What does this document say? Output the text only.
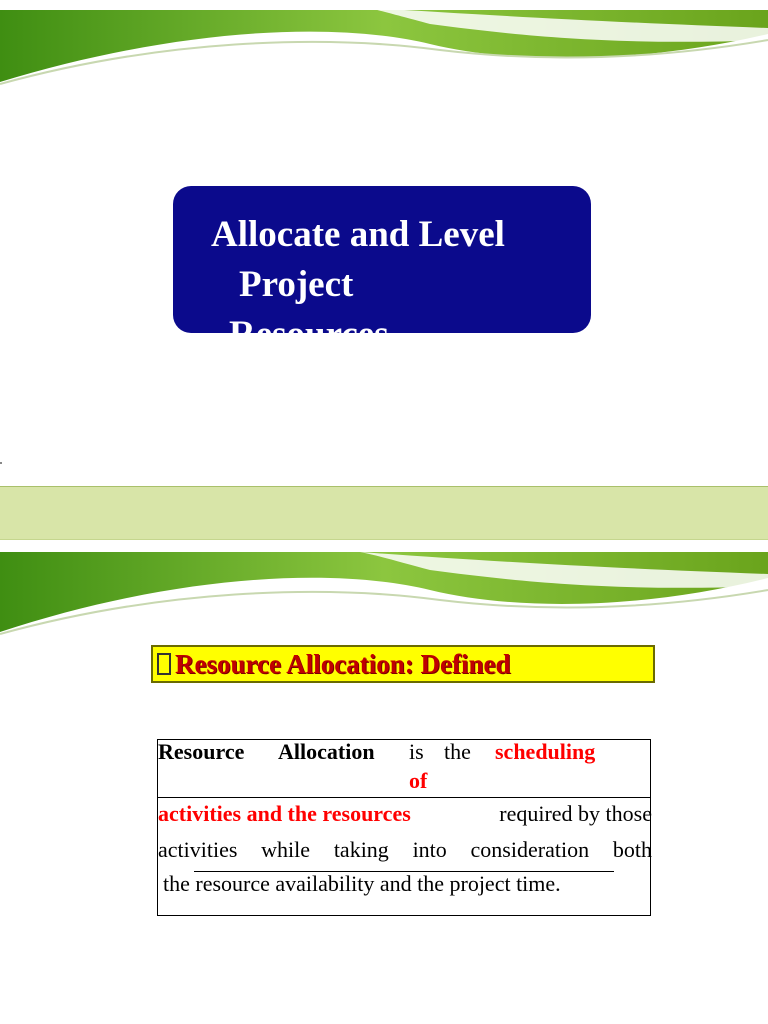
Allocate and Level
Project
Resources
Resource Allocation: Defined
Resource Allocation is the scheduling
of
activities and the resources	required by those
activities while taking into consideration both
the resource availability and the project time.
